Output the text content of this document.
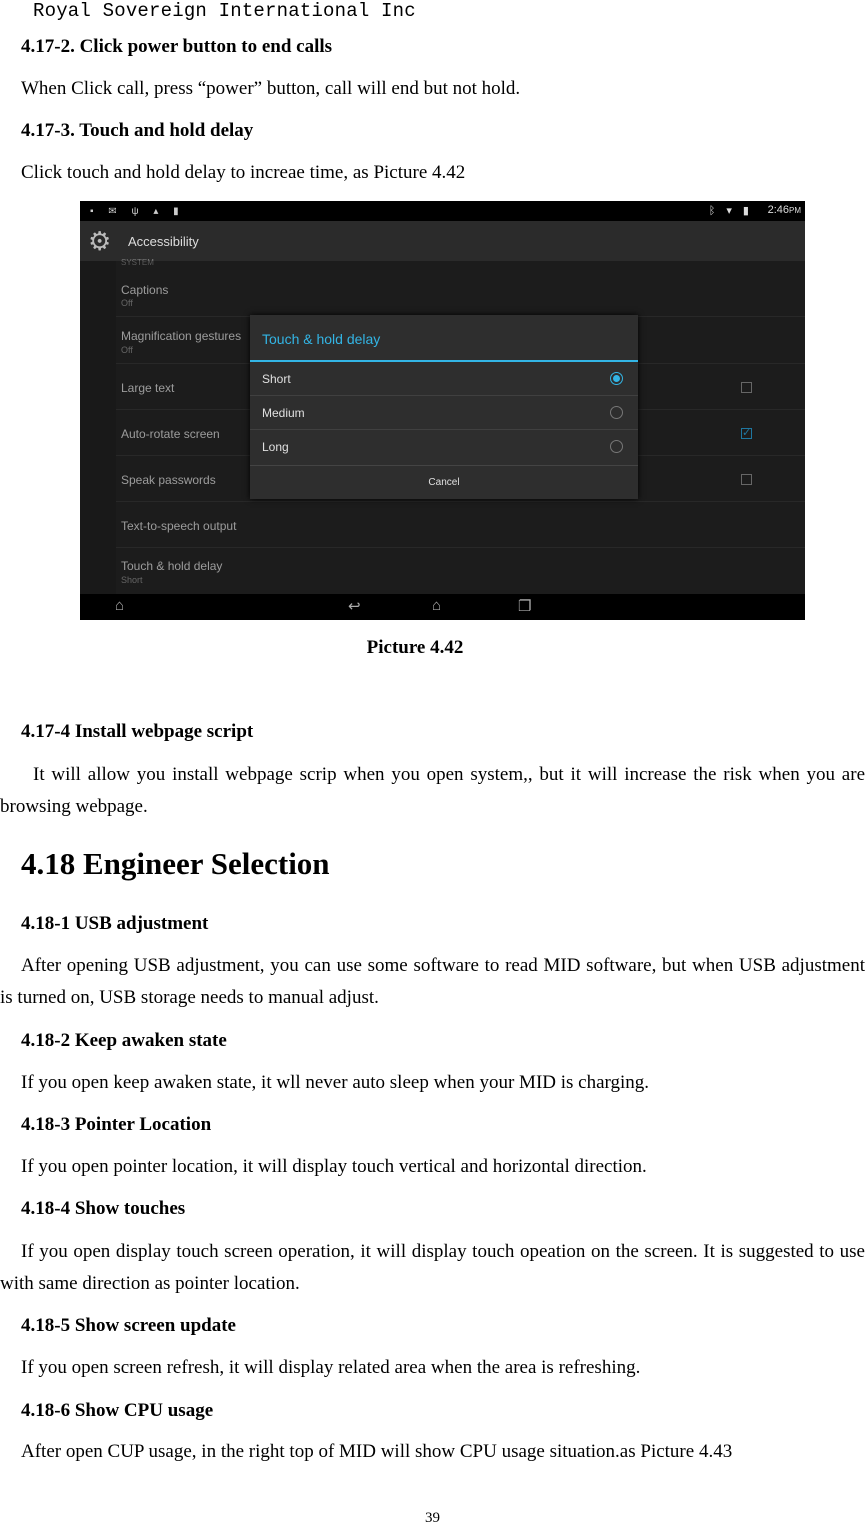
Royal Sovereign International Inc
4.17-2. Click power button to end calls
When Click call, press “power” button, call will end but not hold.
4.17-3. Touch and hold delay
Click touch and hold delay to increae time, as Picture 4.42
▪ ✉ ψ ▴ ▮	ᛒ ▾ ▮ 2:46PM
⚙ Accessibility
SYSTEM
Captions
Off
Magnification gestures
Off
Large text
Auto-rotate screen	✓
Speak passwords
Text-to-speech output
Touch & hold delay
Short
Touch & hold delay
Short
Medium
Long
Cancel
⌂	↩	⌂	❐
Picture 4.42
4.17-4 Install webpage script
It will allow you install webpage scrip when you open system,, but it will increase the risk when you are browsing webpage.
4.18 Engineer Selection
4.18-1 USB adjustment
After opening USB adjustment, you can use some software to read MID software, but when USB adjustment is turned on, USB storage needs to manual adjust.
4.18-2 Keep awaken state
If you open keep awaken state, it wll never auto sleep when your MID is charging.
4.18-3 Pointer Location
If you open pointer location, it will display touch vertical and horizontal direction.
4.18-4 Show touches
If you open display touch screen operation, it will display touch opeation on the screen. It is suggested to use with same direction as pointer location.
4.18-5 Show screen update
If you open screen refresh, it will display related area when the area is refreshing.
4.18-6 Show CPU usage
After open CUP usage, in the right top of MID will show CPU usage situation.as Picture 4.43
39
